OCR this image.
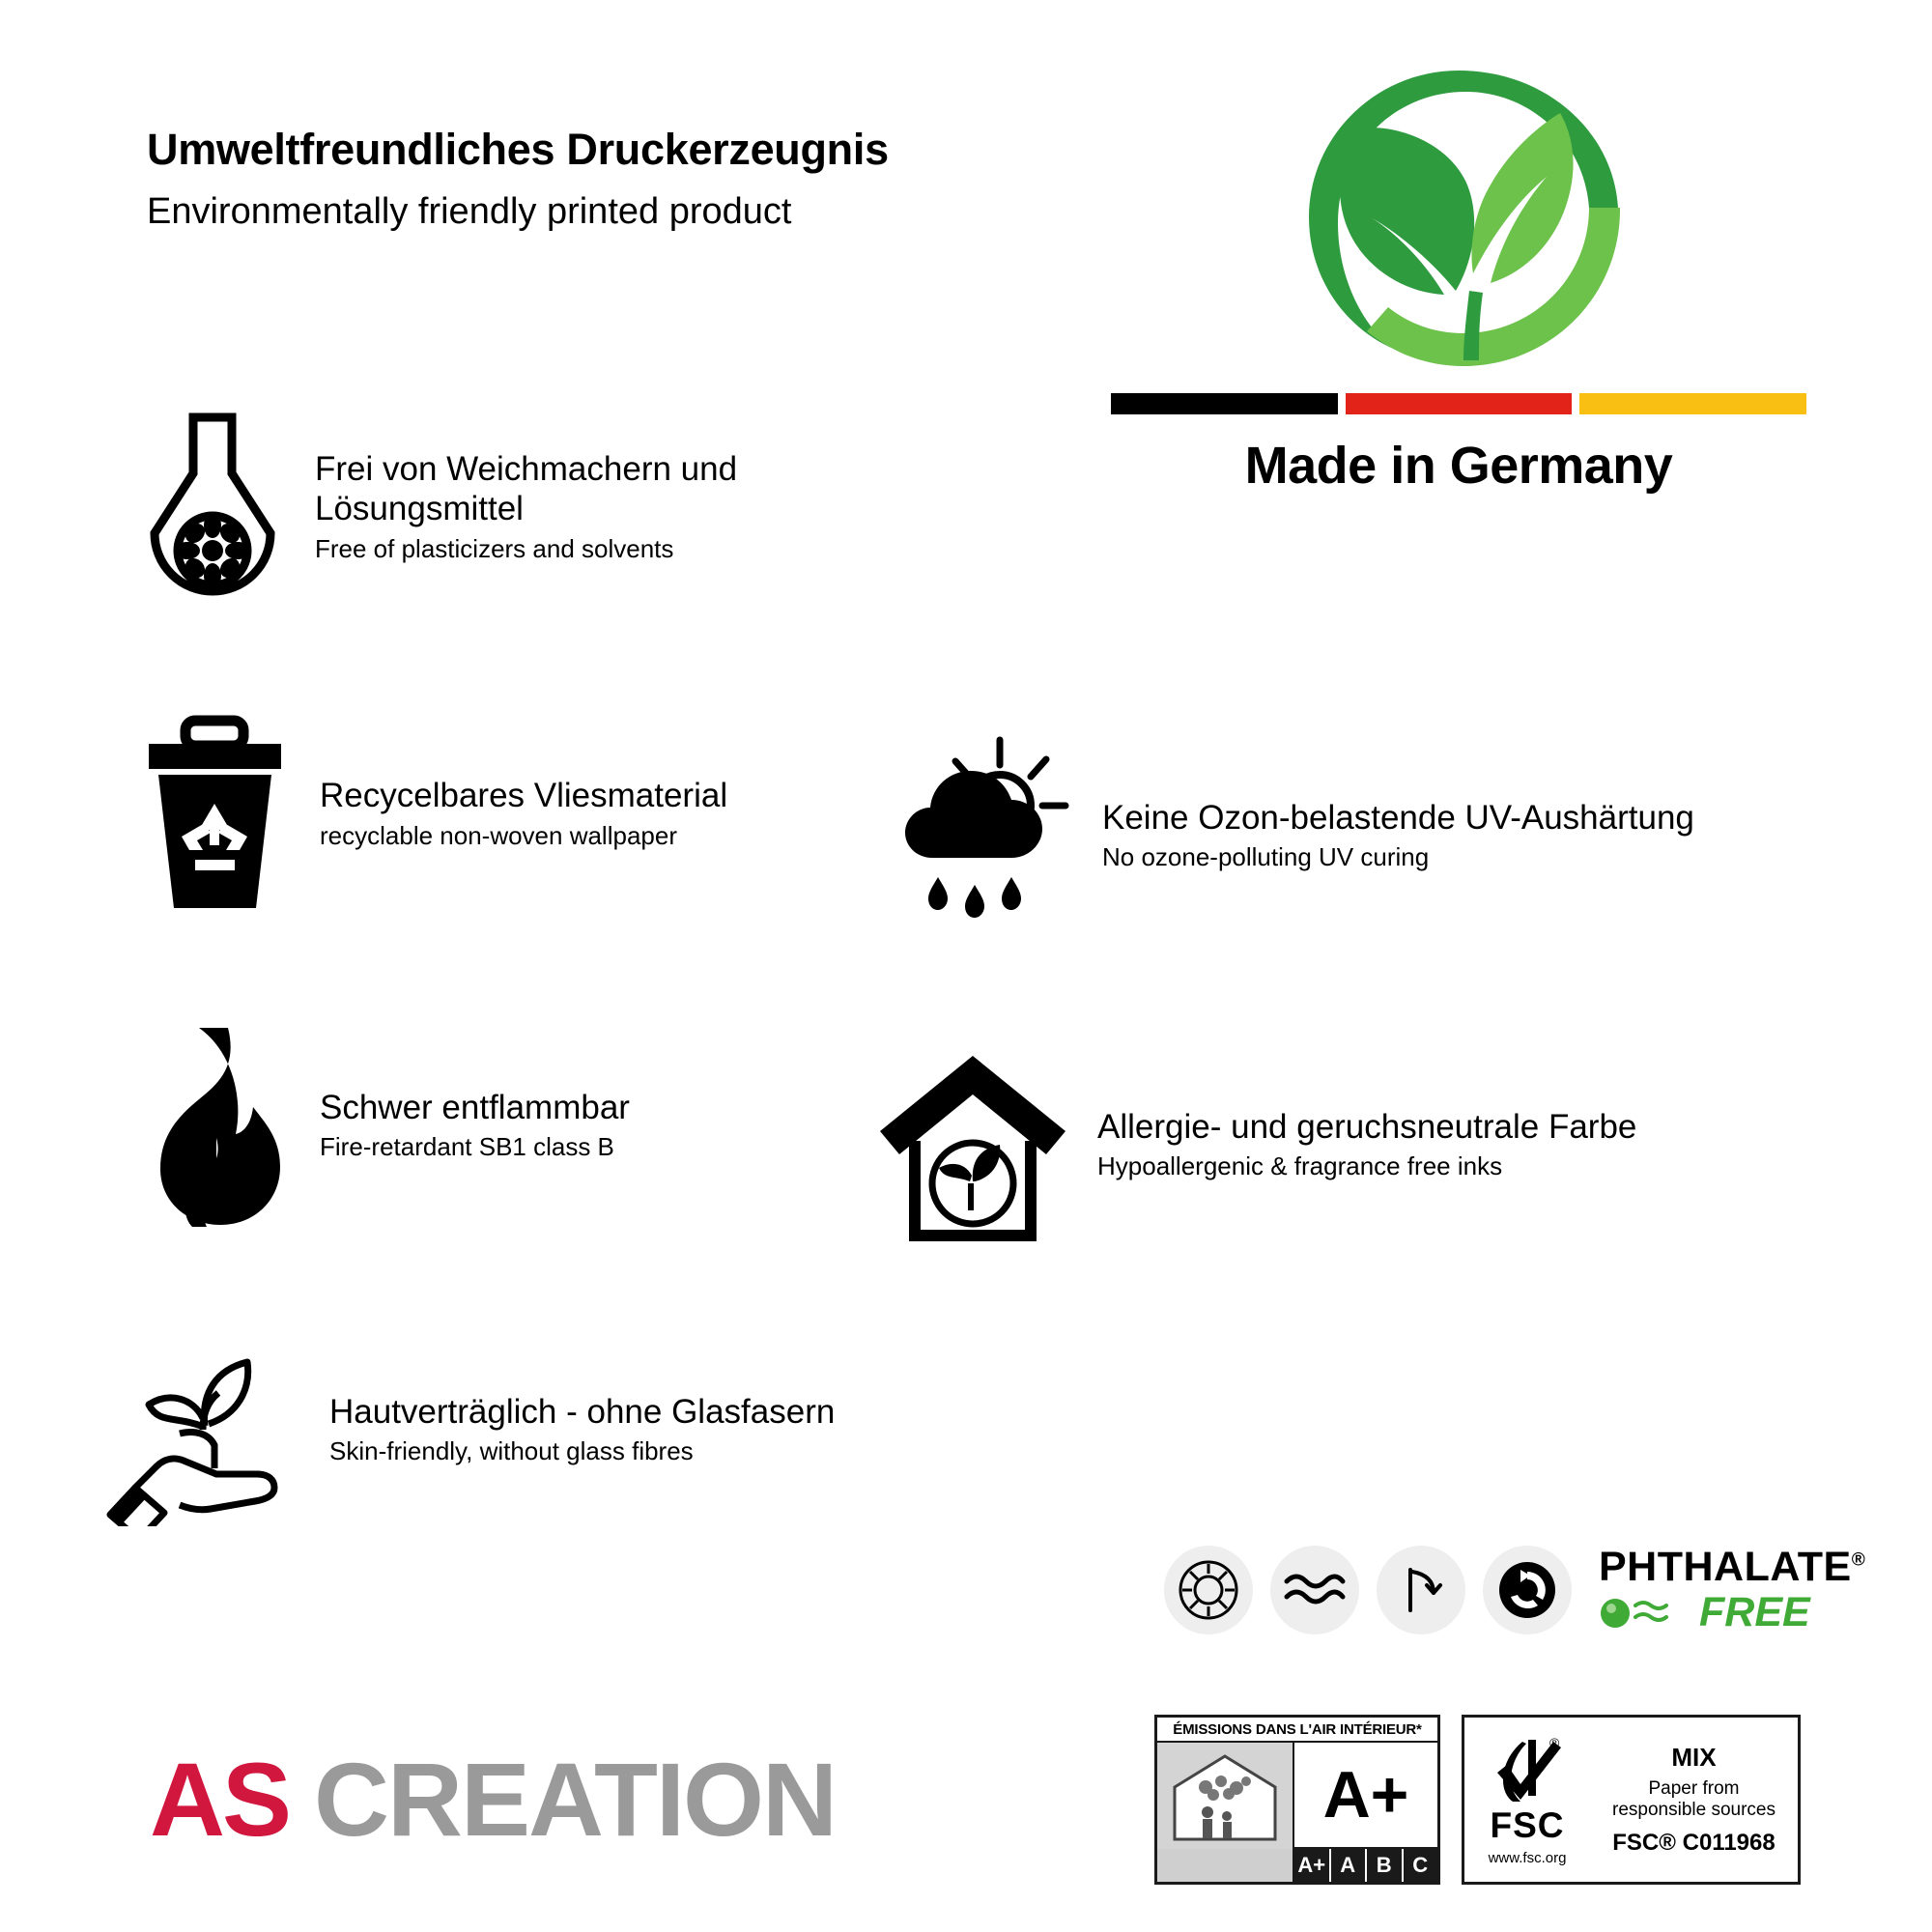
Umweltfreundliches Druckerzeugnis
Environmentally friendly printed product
Made in Germany
Frei von Weichmachern und Lösungsmittel
Free of plasticizers and solvents
Recycelbares Vliesmaterial
recyclable non-woven wallpaper
Schwer entflammbar
Fire-retardant SB1 class B
Hautverträglich - ohne Glasfasern
Skin-friendly, without glass fibres
Keine Ozon-belastende UV-Aushärtung
No ozone-polluting UV curing
Allergie- und geruchsneutrale Farbe
Hypoallergenic & fragrance free inks
PHTHALATE®
FREE
ÉMISSIONS DANS L'AIR INTÉRIEUR*
A+
A+ A B C
®
FSC
www.fsc.org
MIX
Paper from
responsible sources
FSC® C011968
AS CREATION
